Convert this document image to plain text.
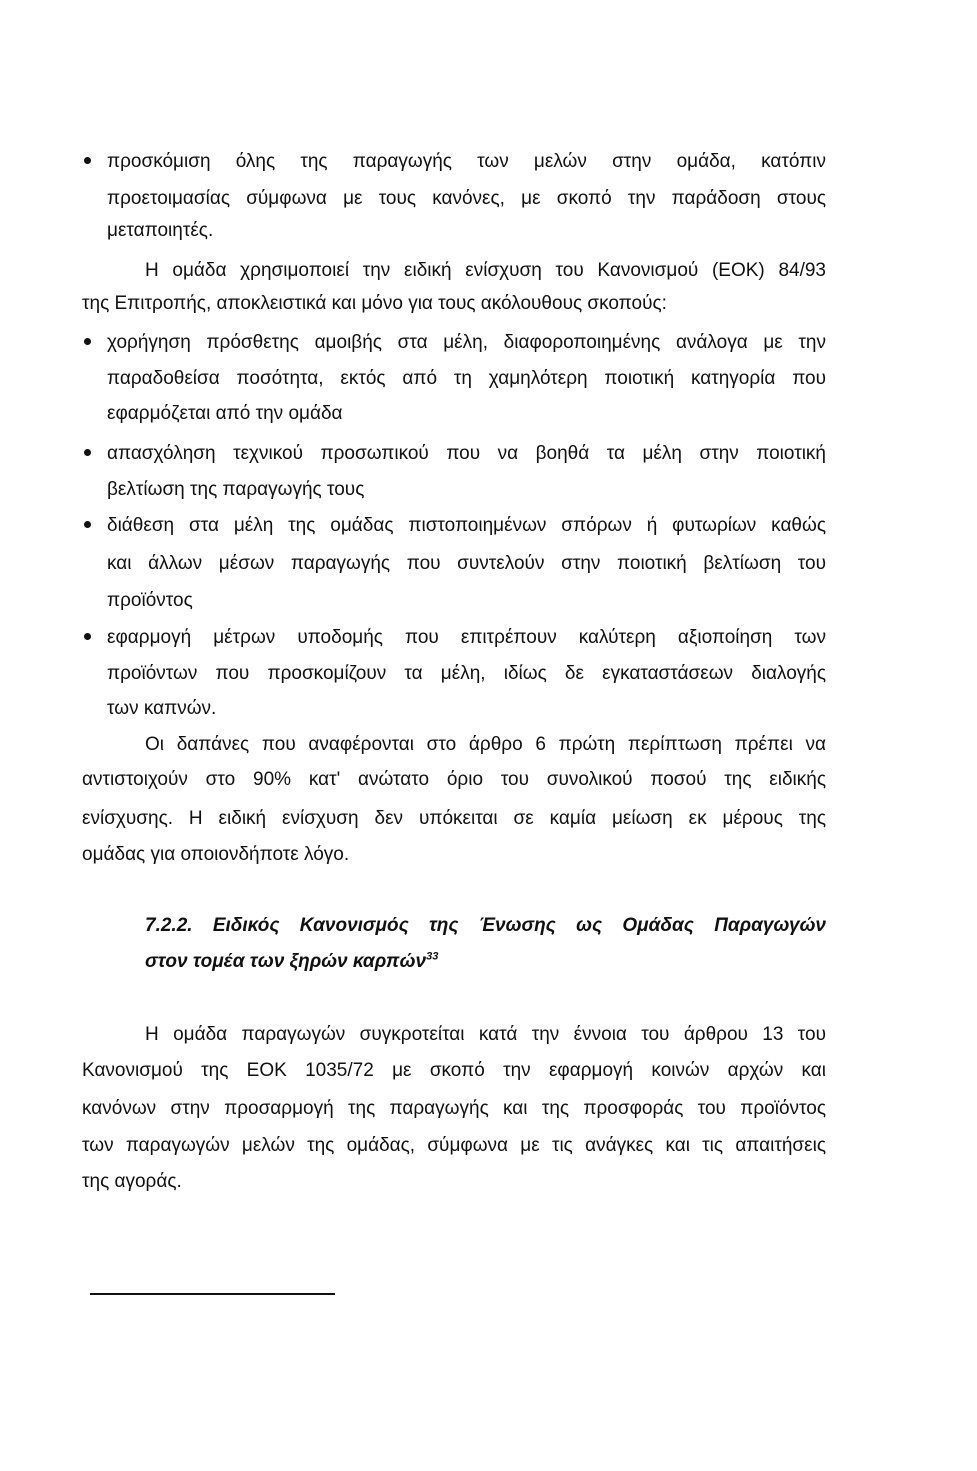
προσκόμιση όλης της παραγωγής των μελών στην ομάδα, κατόπιν
προετοιμασίας σύμφωνα με τους κανόνες, με σκοπό την παράδοση στους
μεταποιητές.
Η ομάδα χρησιμοποιεί την ειδική ενίσχυση του Κανονισμού (ΕΟΚ) 84/93
της Επιτροπής, αποκλειστικά και μόνο για τους ακόλουθους σκοπούς:
χορήγηση πρόσθετης αμοιβής στα μέλη, διαφοροποιημένης ανάλογα με την
παραδοθείσα ποσότητα, εκτός από τη χαμηλότερη ποιοτική κατηγορία που
εφαρμόζεται από την ομάδα
απασχόληση τεχνικού προσωπικού που να βοηθά τα μέλη στην ποιοτική
βελτίωση της παραγωγής τους
διάθεση στα μέλη της ομάδας πιστοποιημένων σπόρων ή φυτωρίων καθώς
και άλλων μέσων παραγωγής που συντελούν στην ποιοτική βελτίωση του
προϊόντος
εφαρμογή μέτρων υποδομής που επιτρέπουν καλύτερη αξιοποίηση των
προϊόντων που προσκομίζουν τα μέλη, ιδίως δε εγκαταστάσεων διαλογής
των καπνών.
Οι δαπάνες που αναφέρονται στο άρθρο 6 πρώτη περίπτωση πρέπει να
αντιστοιχούν στο 90% κατ' ανώτατο όριο του συνολικού ποσού της ειδικής
ενίσχυσης. Η ειδική ενίσχυση δεν υπόκειται σε καμία μείωση εκ μέρους της
ομάδας για οποιονδήποτε λόγο.
7.2.2. Ειδικός Κανονισμός της Ένωσης ως Ομάδας Παραγωγών
στον τομέα των ξηρών καρπών$^{33}$
Η ομάδα παραγωγών συγκροτείται κατά την έννοια του άρθρου 13 του
Κανονισμού της ΕΟΚ 1035/72 με σκοπό την εφαρμογή κοινών αρχών και
κανόνων στην προσαρμογή της παραγωγής και της προσφοράς του προϊόντος
των παραγωγών μελών της ομάδας, σύμφωνα με τις ανάγκες και τις απαιτήσεις
της αγοράς.
